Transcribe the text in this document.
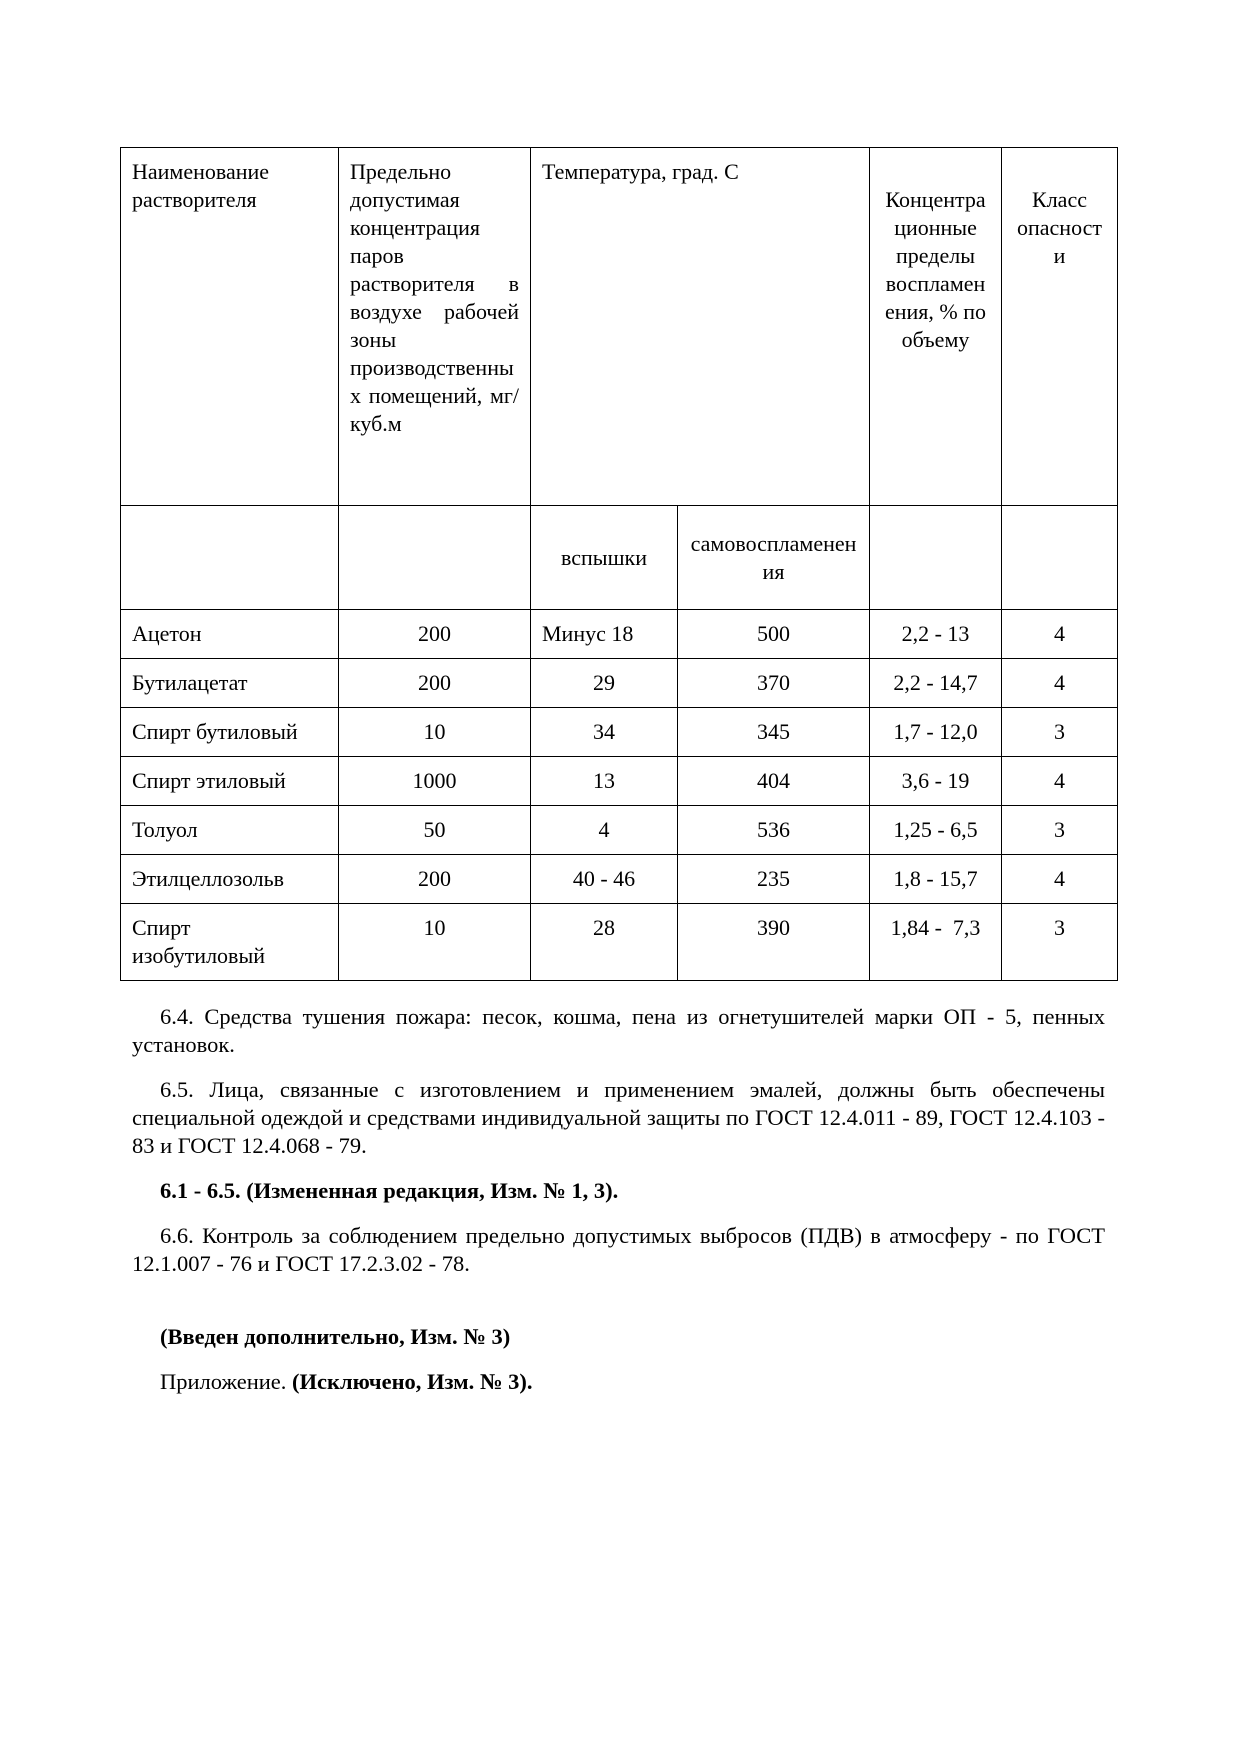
Наименование растворителя	Предельно допустимая концентрация паров растворителя в воздухе рабочей зоны производственных помещений, мг/куб.м	Температура, град. С		Концентрационные пределы воспламенения, % по объему	Класс опасности
		вспышки	самовоспламенения		
Ацетон	200	Минус 18	500	2,2 - 13	4
Бутилацетат	200	29	370	2,2 - 14,7	4
Спирт бутиловый	10	34	345	1,7 - 12,0	3
Спирт этиловый	1000	13	404	3,6 - 19	4
Толуол	50	4	536	1,25 - 6,5	3
Этилцеллозольв	200	40 - 46	235	1,8 - 15,7	4
Спирт изобутиловый	10	28	390	1,84 -  7,3	3

6.4. Средства тушения пожара: песок, кошма, пена из огнетушителей марки ОП - 5, пенных установок.

6.5. Лица, связанные с изготовлением и применением эмалей, должны быть обеспечены специальной одеждой и средствами индивидуальной защиты по ГОСТ 12.4.011 - 89, ГОСТ 12.4.103 - 83 и ГОСТ 12.4.068 - 79.

6.1 - 6.5. (Измененная редакция, Изм. № 1, 3).

6.6. Контроль за соблюдением предельно допустимых выбросов (ПДВ) в атмосферу - по ГОСТ 12.1.007 - 76 и ГОСТ 17.2.3.02 - 78.

(Введен дополнительно, Изм. № 3)

Приложение. (Исключено, Изм. № 3).
